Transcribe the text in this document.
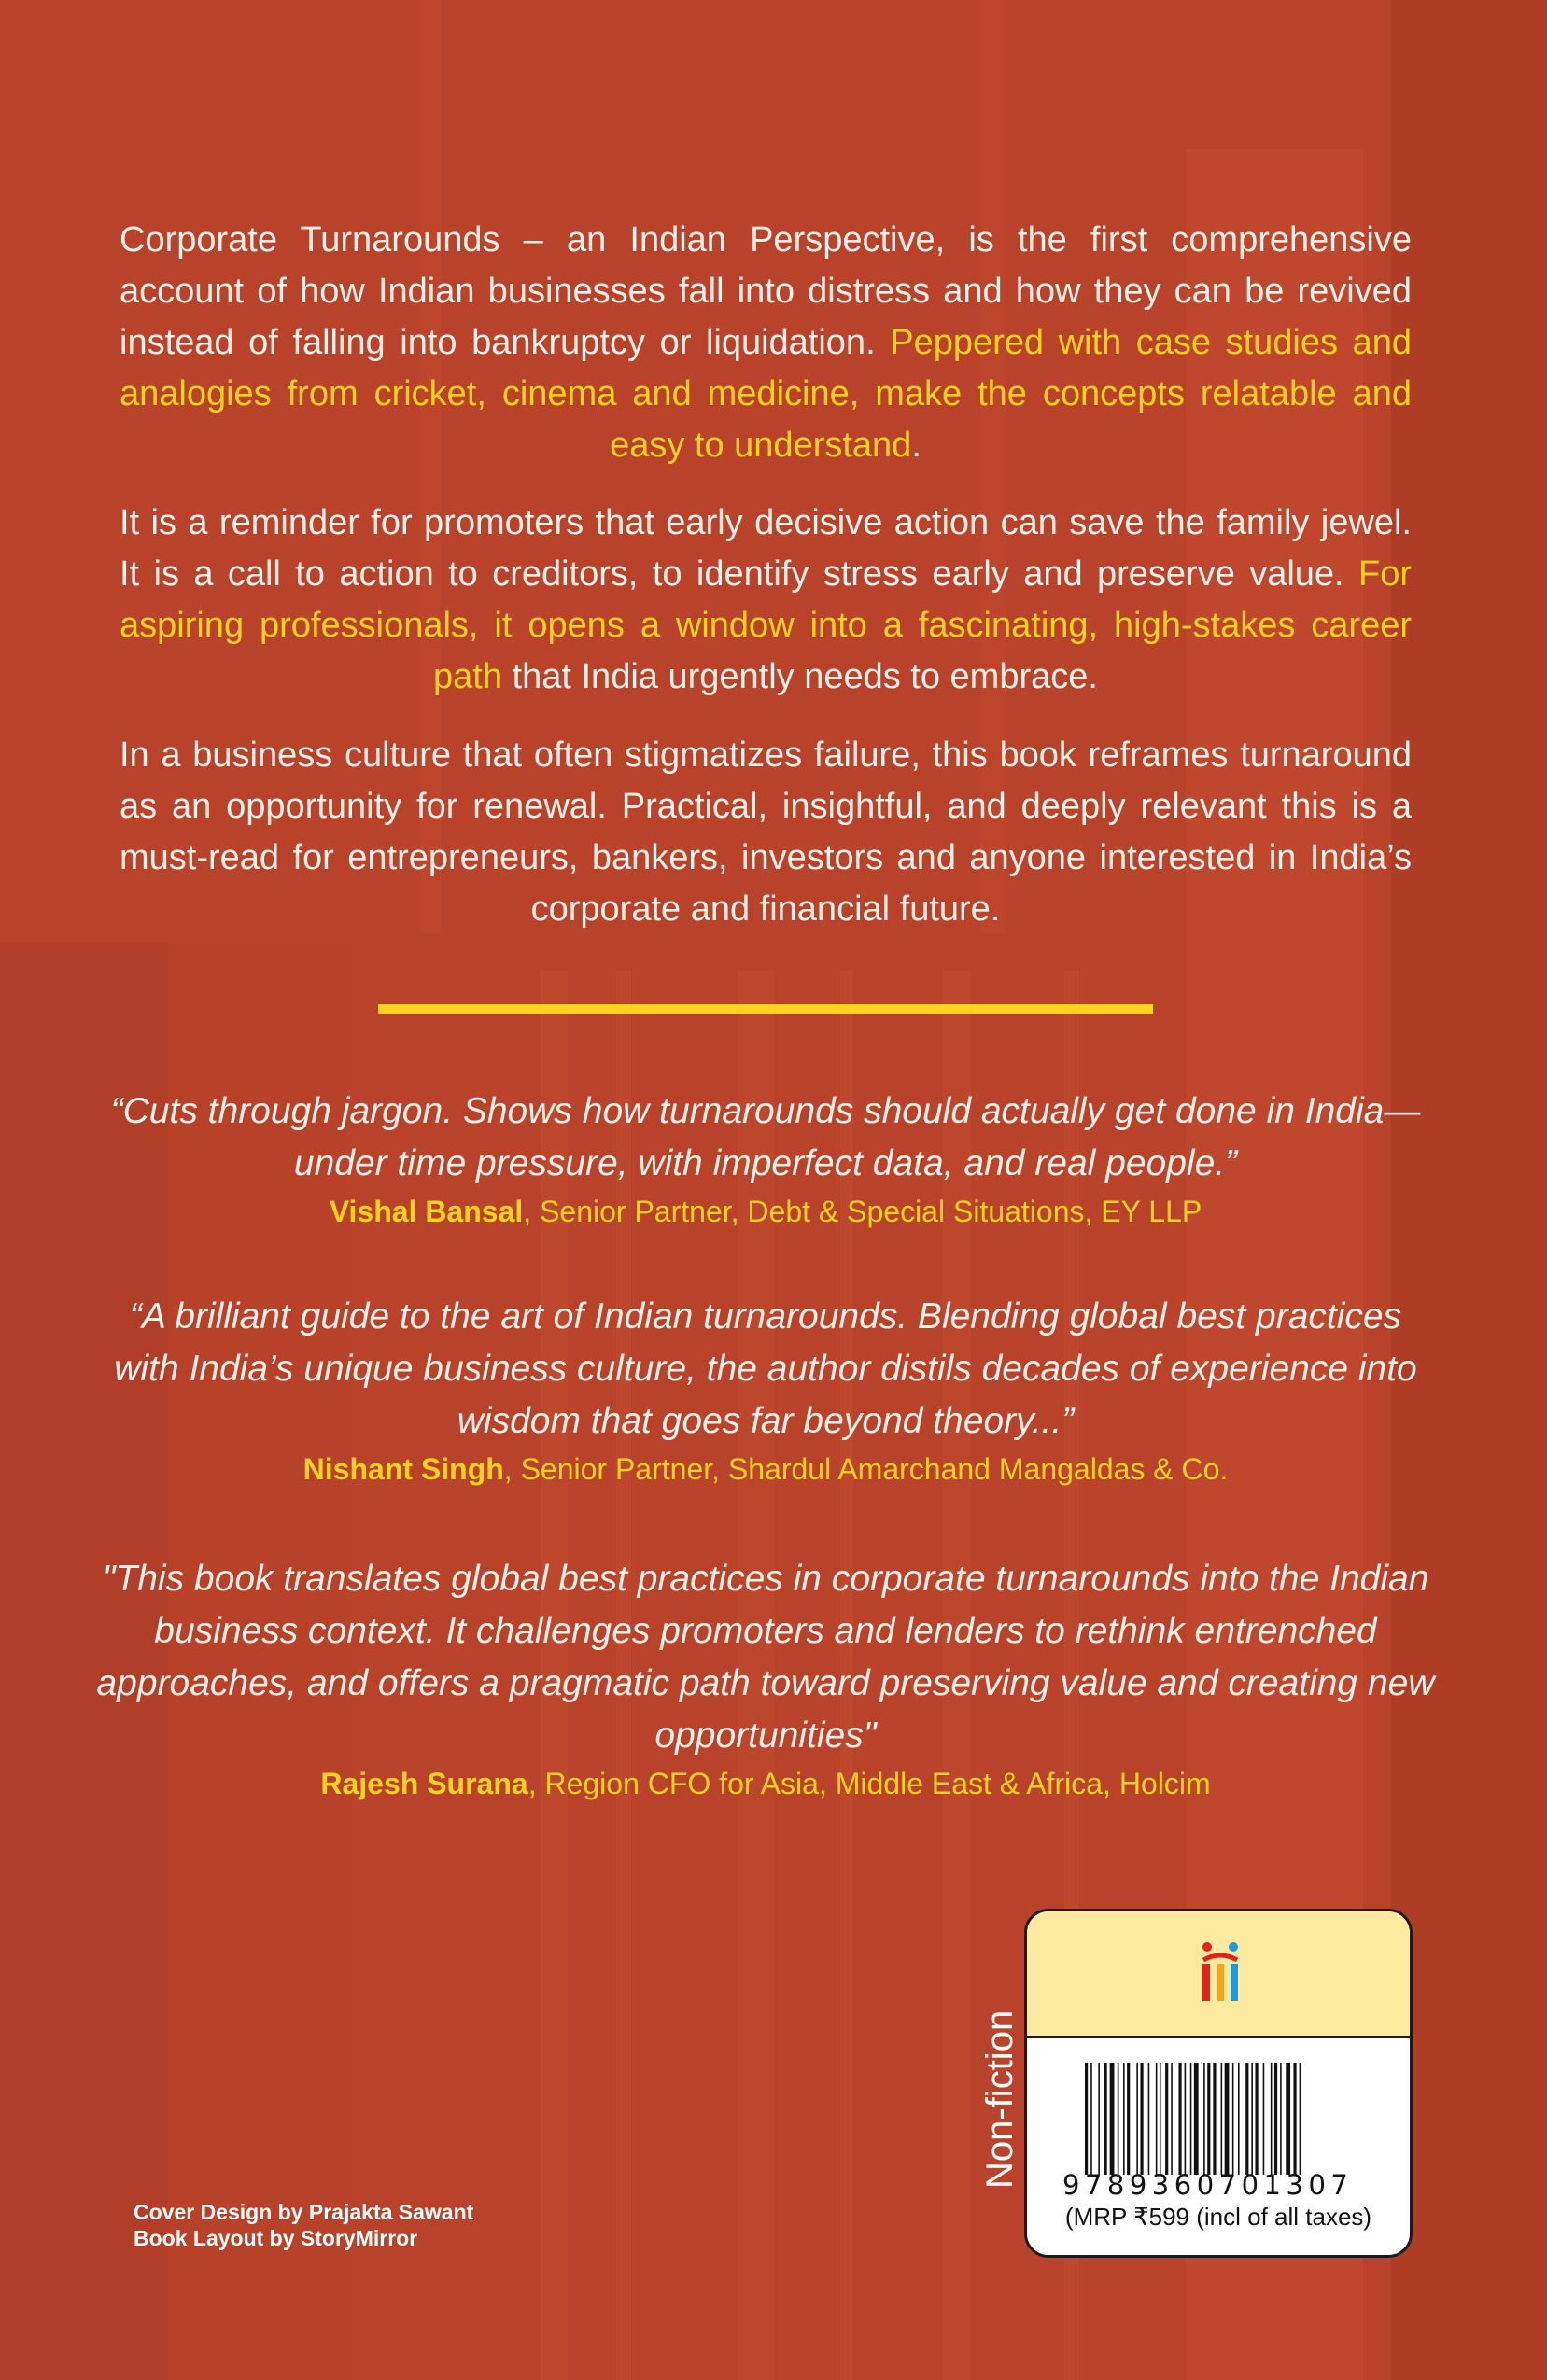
Corporate Turnarounds – an Indian Perspective, is the first comprehensive account of how Indian businesses fall into distress and how they can be revived instead of falling into bankruptcy or liquidation. Peppered with case studies and analogies from cricket, cinema and medicine, make the concepts relatable and easy to understand.

It is a reminder for promoters that early decisive action can save the family jewel. It is a call to action to creditors, to identify stress early and preserve value. For aspiring professionals, it opens a window into a fascinating, high-stakes career path that India urgently needs to embrace.

In a business culture that often stigmatizes failure, this book reframes turnaround as an opportunity for renewal. Practical, insightful, and deeply relevant this is a must-read for entrepreneurs, bankers, investors and anyone interested in India’s corporate and financial future.

“Cuts through jargon. Shows how turnarounds should actually get done in India—under time pressure, with imperfect data, and real people.”
Vishal Bansal, Senior Partner, Debt & Special Situations, EY LLP
“A brilliant guide to the art of Indian turnarounds. Blending global best practices with India’s unique business culture, the author distils decades of experience into wisdom that goes far beyond theory...”
Nishant Singh, Senior Partner, Shardul Amarchand Mangaldas & Co.
"This book translates global best practices in corporate turnarounds into the Indian business context. It challenges promoters and lenders to rethink entrenched approaches, and offers a pragmatic path toward preserving value and creating new opportunities"
Rajesh Surana, Region CFO for Asia, Middle East & Africa, Holcim
Cover Design by Prajakta Sawant
Book Layout by StoryMirror
Non-fiction	9789360701307
(MRP ₹599 (incl of all taxes)
